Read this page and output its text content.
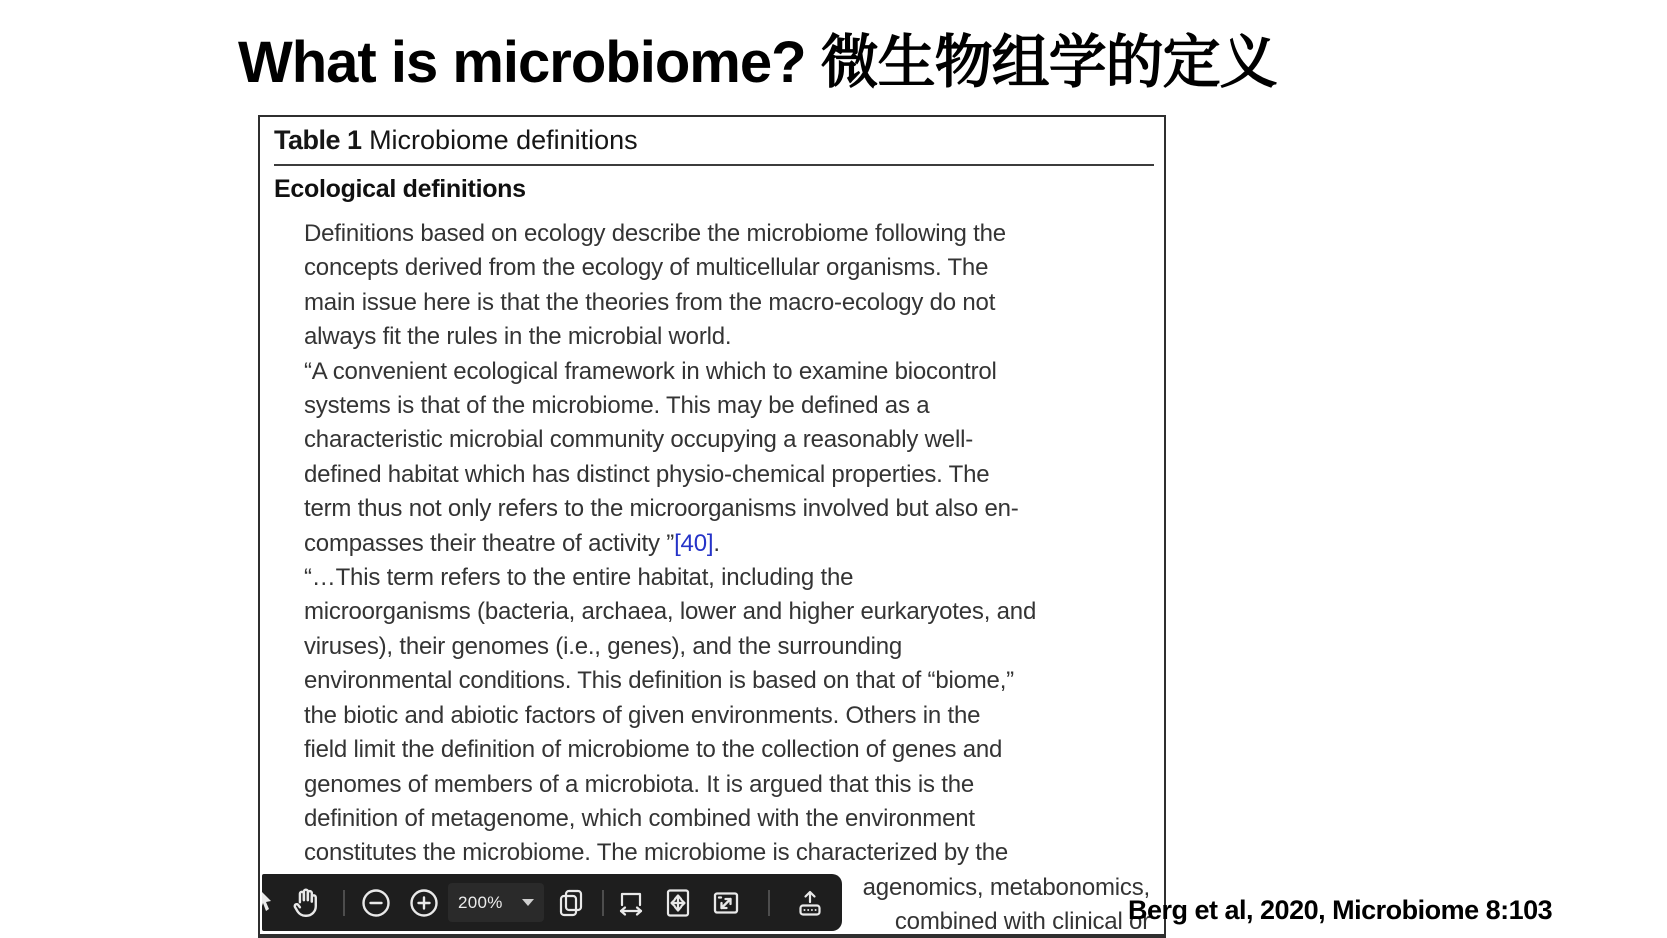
What is microbiome? 微生物组学的定义
Table 1 Microbiome definitions
Ecological definitions
Definitions based on ecology describe the microbiome following the
concepts derived from the ecology of multicellular organisms. The
main issue here is that the theories from the macro-ecology do not
always fit the rules in the microbial world.
“A convenient ecological framework in which to examine biocontrol
systems is that of the microbiome. This may be defined as a
characteristic microbial community occupying a reasonably well-
defined habitat which has distinct physio-chemical properties. The
term thus not only refers to the microorganisms involved but also en-
compasses their theatre of activity ”[40].
“…This term refers to the entire habitat, including the
microorganisms (bacteria, archaea, lower and higher eurkaryotes, and
viruses), their genomes (i.e., genes), and the surrounding
environmental conditions. This definition is based on that of “biome,”
the biotic and abiotic factors of given environments. Others in the
field limit the definition of microbiome to the collection of genes and
genomes of members of a microbiota. It is argued that this is the
definition of metagenome, which combined with the environment
constitutes the microbiome. The microbiome is characterized by the
agenomics, metabonomics,
combined with clinical or
200%	Berg et al, 2020, Microbiome 8:103
